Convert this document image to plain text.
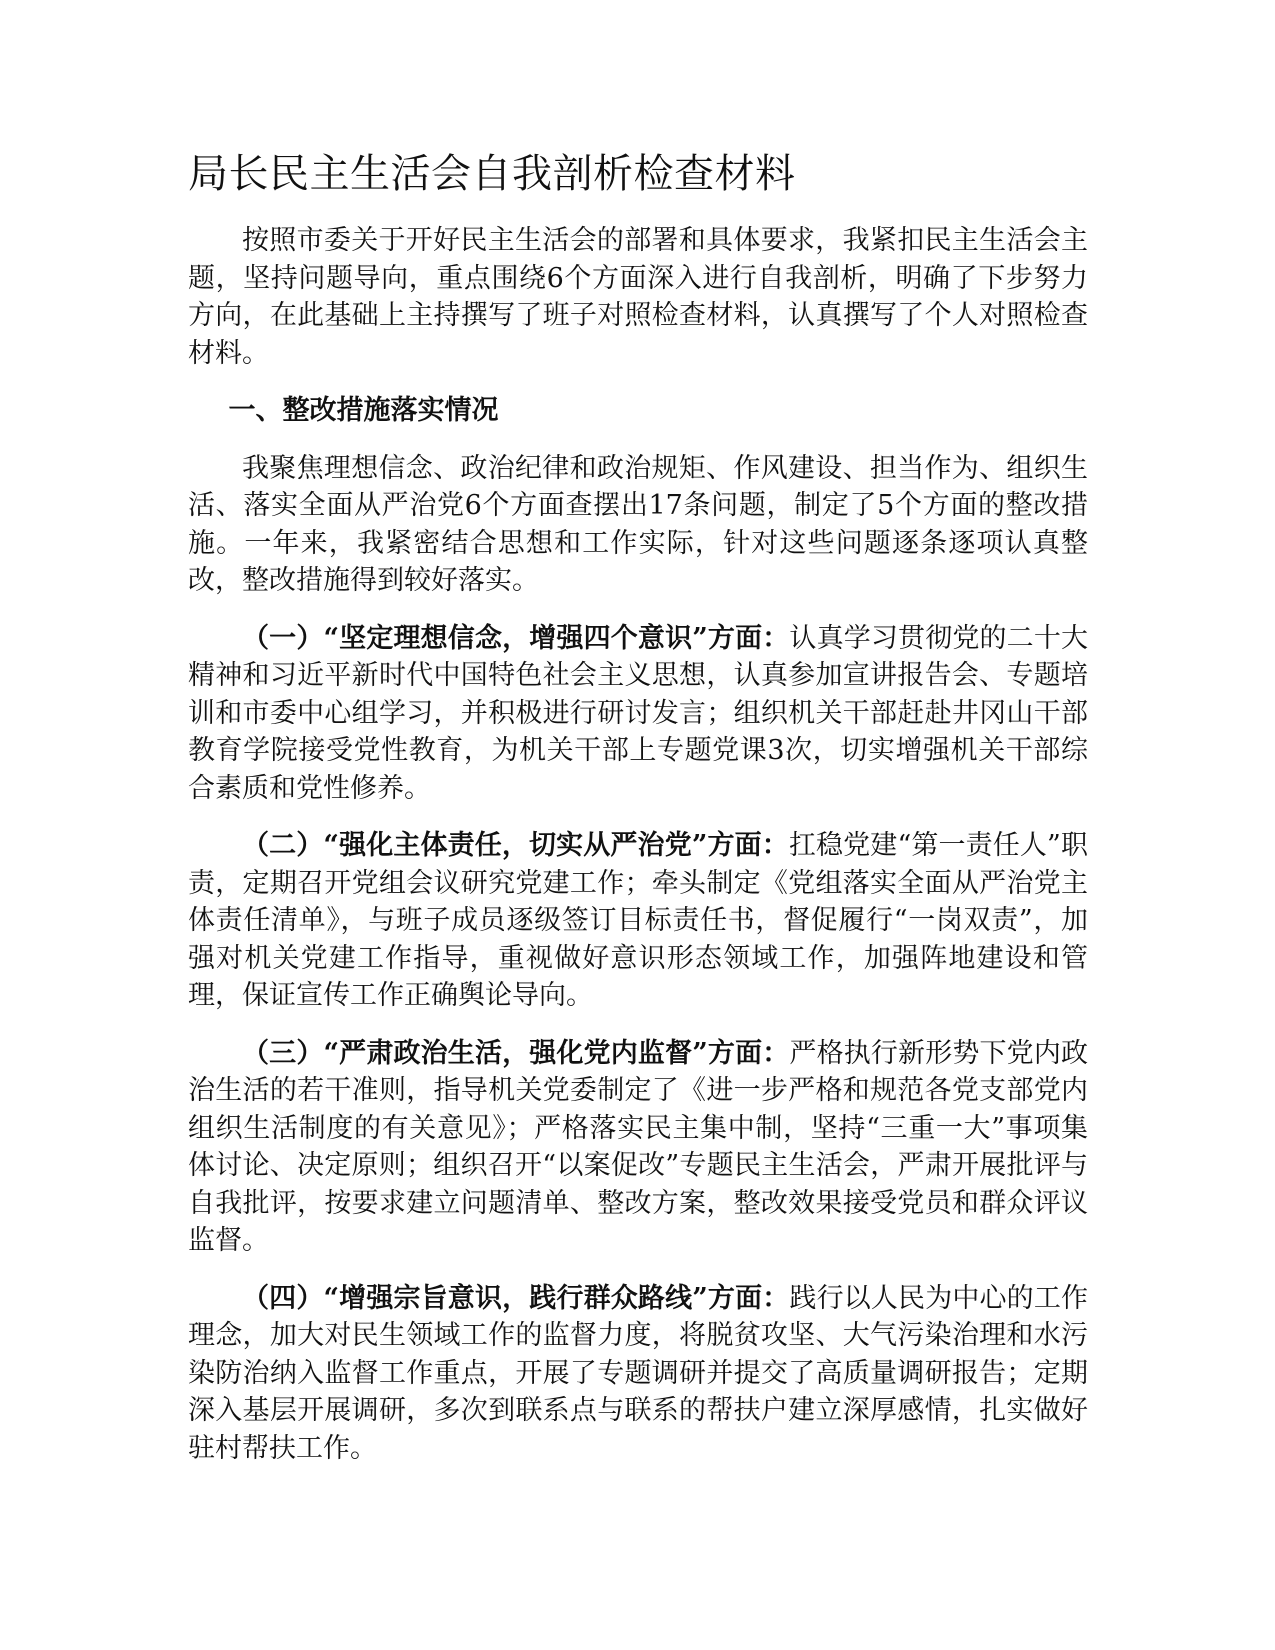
局长民主生活会自我剖析检查材料

按照市委关于开好民主生活会的部署和具体要求，我紧扣民主生活会主题，坚持问题导向，重点围绕6个方面深入进行自我剖析，明确了下步努力方向，在此基础上主持撰写了班子对照检查材料，认真撰写了个人对照检查材料。

一、整改措施落实情况

我聚焦理想信念、政治纪律和政治规矩、作风建设、担当作为、组织生活、落实全面从严治党6个方面查摆出17条问题，制定了5个方面的整改措施。一年来，我紧密结合思想和工作实际，针对这些问题逐条逐项认真整改，整改措施得到较好落实。

（一）“坚定理想信念，增强四个意识”方面：认真学习贯彻党的二十大精神和习近平新时代中国特色社会主义思想，认真参加宣讲报告会、专题培训和市委中心组学习，并积极进行研讨发言；组织机关干部赶赴井冈山干部教育学院接受党性教育，为机关干部上专题党课3次，切实增强机关干部综合素质和党性修养。

（二）“强化主体责任，切实从严治党”方面：扛稳党建“第一责任人”职责，定期召开党组会议研究党建工作；牵头制定《党组落实全面从严治党主体责任清单》，与班子成员逐级签订目标责任书，督促履行“一岗双责”，加强对机关党建工作指导，重视做好意识形态领域工作，加强阵地建设和管理，保证宣传工作正确舆论导向。

（三）“严肃政治生活，强化党内监督”方面：严格执行新形势下党内政治生活的若干准则，指导机关党委制定了《进一步严格和规范各党支部党内组织生活制度的有关意见》；严格落实民主集中制，坚持“三重一大”事项集体讨论、决定原则；组织召开“以案促改”专题民主生活会，严肃开展批评与自我批评，按要求建立问题清单、整改方案，整改效果接受党员和群众评议监督。

（四）“增强宗旨意识，践行群众路线”方面：践行以人民为中心的工作理念，加大对民生领域工作的监督力度，将脱贫攻坚、大气污染治理和水污染防治纳入监督工作重点，开展了专题调研并提交了高质量调研报告；定期深入基层开展调研，多次到联系点与联系的帮扶户建立深厚感情，扎实做好驻村帮扶工作。
